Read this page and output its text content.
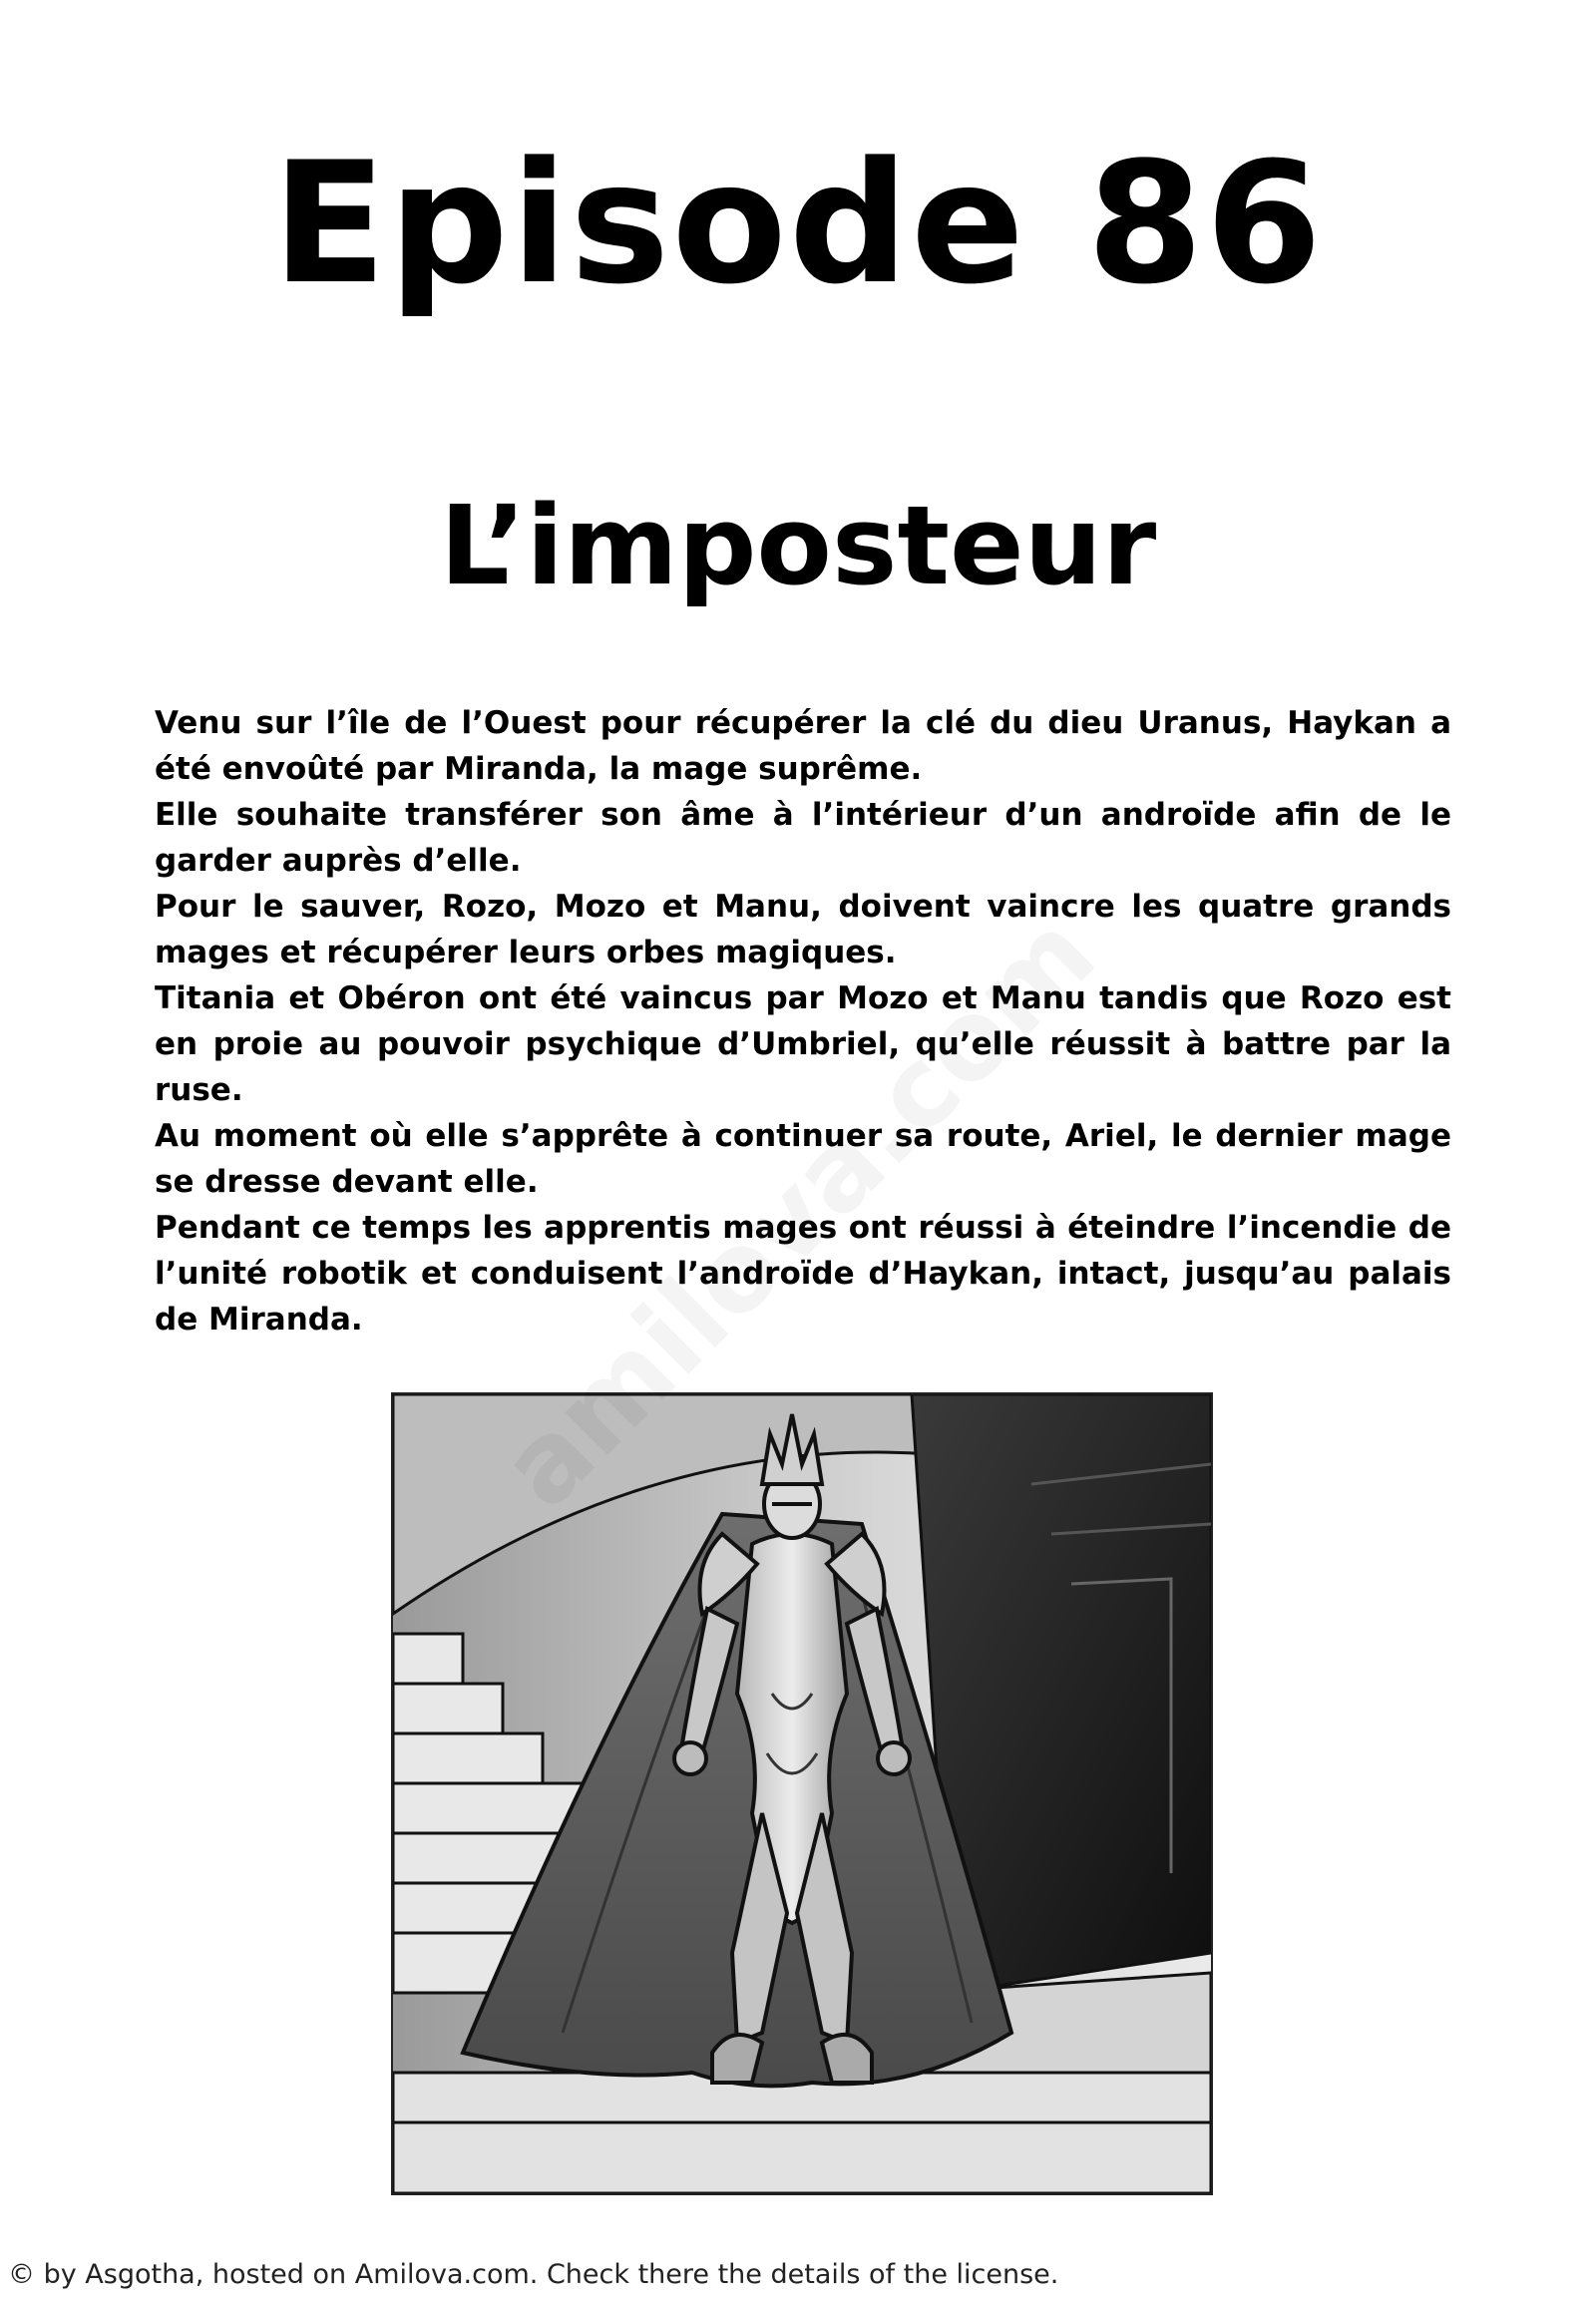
Episode 86
L’imposteur

Venu sur l’île de l’Ouest pour récupérer la clé du dieu Uranus, Haykan a été envoûté par Miranda, la mage suprême.

Elle souhaite transférer son âme à l’intérieur d’un androïde afin de le garder auprès d’elle.

Pour le sauver, Rozo, Mozo et Manu, doivent vaincre les quatre grands mages et récupérer leurs orbes magiques.

Titania et Obéron ont été vaincus par Mozo et Manu tandis que Rozo est en proie au pouvoir psychique d’Umbriel, qu’elle réussit à battre par la ruse.

Au moment où elle s’apprête à continuer sa route, Ariel, le dernier mage se dresse devant elle.

Pendant ce temps les apprentis mages ont réussi à éteindre l’incendie de l’unité robotik et conduisent l’androïde d’Haykan, intact, jusqu’au palais de Miranda.

© by Asgotha, hosted on Amilova.com. Check there the details of the license.
